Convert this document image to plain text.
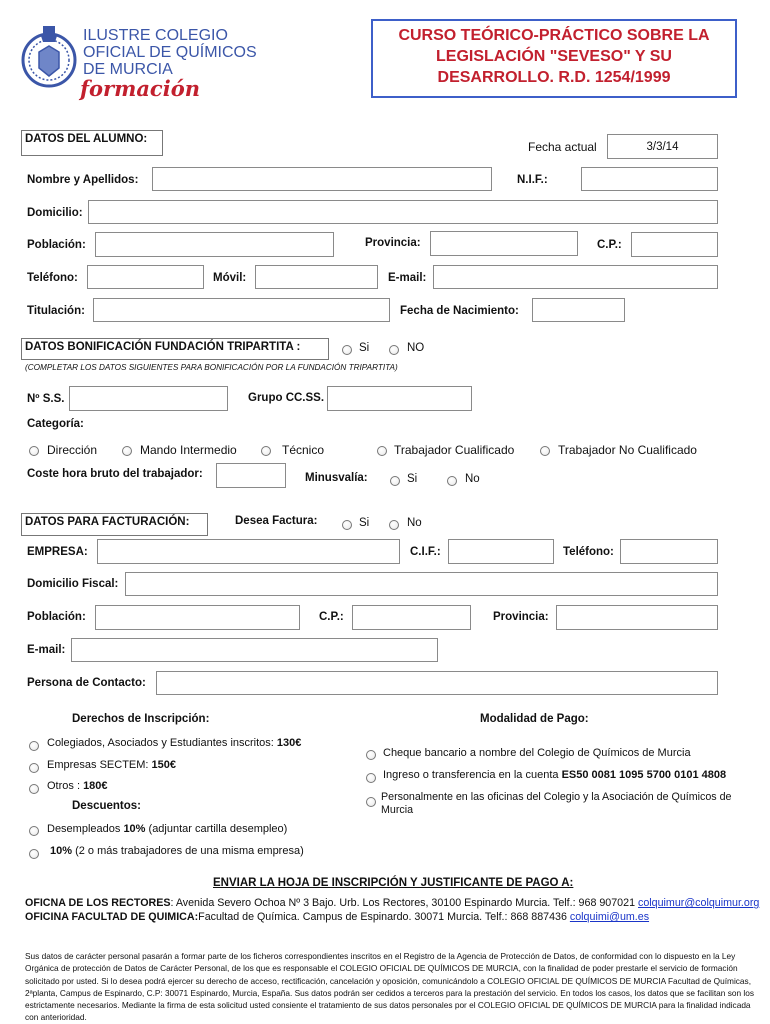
ILUSTRE COLEGIO
OFICIAL DE QUÍMICOS
DE MURCIA
formación
CURSO TEÓRICO-PRÁCTICO SOBRE LA
LEGISLACIÓN "SEVESO" Y SU
DESARROLLO. R.D. 1254/1999
DATOS DEL ALUMNO:
Fecha actual	3/3/14
Nombre y Apellidos:	N.I.F.:
Domicilio:
Población:	Provincia:	C.P.:
Teléfono:	Móvil:	E-mail:
Titulación:	Fecha de Nacimiento:
DATOS BONIFICACIÓN FUNDACIÓN TRIPARTITA :	Si	NO
(COMPLETAR LOS DATOS SIGUIENTES PARA BONIFICACIÓN POR LA FUNDACIÓN TRIPARTITA)
Nº S.S.	Grupo CC.SS.
Categoría:
Dirección	Mando Intermedio	Técnico	Trabajador Cualificado	Trabajador No Cualificado
Coste hora bruto del trabajador:	Minusvalía:	Si	No
DATOS PARA FACTURACIÓN:	Desea Factura:	Si	No
EMPRESA:	C.I.F.:	Teléfono:
Domicilio Fiscal:
Población:	C.P.:	Provincia:
E-mail:
Persona de Contacto:
Derechos de Inscripción:	Modalidad de Pago:
Colegiados, Asociados y Estudiantes inscritos: 130€
Empresas SECTEM: 150€
Otros : 180€
Descuentos:
Desempleados 10% (adjuntar cartilla desempleo)
10% (2 o más trabajadores de una misma empresa)
Cheque bancario a nombre del Colegio de Químicos de Murcia
Ingreso o transferencia en la cuenta ES50 0081 1095 5700 0101 4808
Personalmente en las oficinas del Colegio y la Asociación de Químicos de
Murcia
ENVIAR LA HOJA DE INSCRIPCIÓN Y JUSTIFICANTE DE PAGO A:
OFICNA DE LOS RECTORES: Avenida Severo Ochoa Nº 3 Bajo. Urb. Los Rectores, 30100 Espinardo Murcia. Telf.: 968 907021 colquimur@colquimur.org
OFICINA FACULTAD DE QUIMICA:Facultad de Química. Campus de Espinardo. 30071 Murcia. Telf.: 868 887436 colquimi@um.es
Sus datos de carácter personal pasarán a formar parte de los ficheros correspondientes inscritos en el Registro de la Agencia de Protección de Datos, de conformidad con lo dispuesto en la Ley
Orgánica de protección de Datos de Carácter Personal, de los que es responsable el COLEGIO OFICIAL DE QUÍMICOS DE MURCIA, con la finalidad de poder prestarle el servicio de formación
solicitado por usted. Si lo desea podrá ejercer su derecho de acceso, rectificación, cancelación y oposición, comunicándolo a COLEGIO OFICIAL DE QUÍMICOS DE MURCIA Facultad de Químicas,
2ªplanta, Campus de Espinardo, C.P: 30071 Espinardo, Murcia, España. Sus datos podrán ser cedidos a terceros para la prestación del servicio. En todos los casos, los datos que se facilitan son los
estrictamente necesarios. Mediante la firma de esta solicitud usted consiente el tratamiento de sus datos personales por el COLEGIO OFICIAL DE QUÍMICOS DE MURCIA para la finalidad indicada
con anterioridad.
